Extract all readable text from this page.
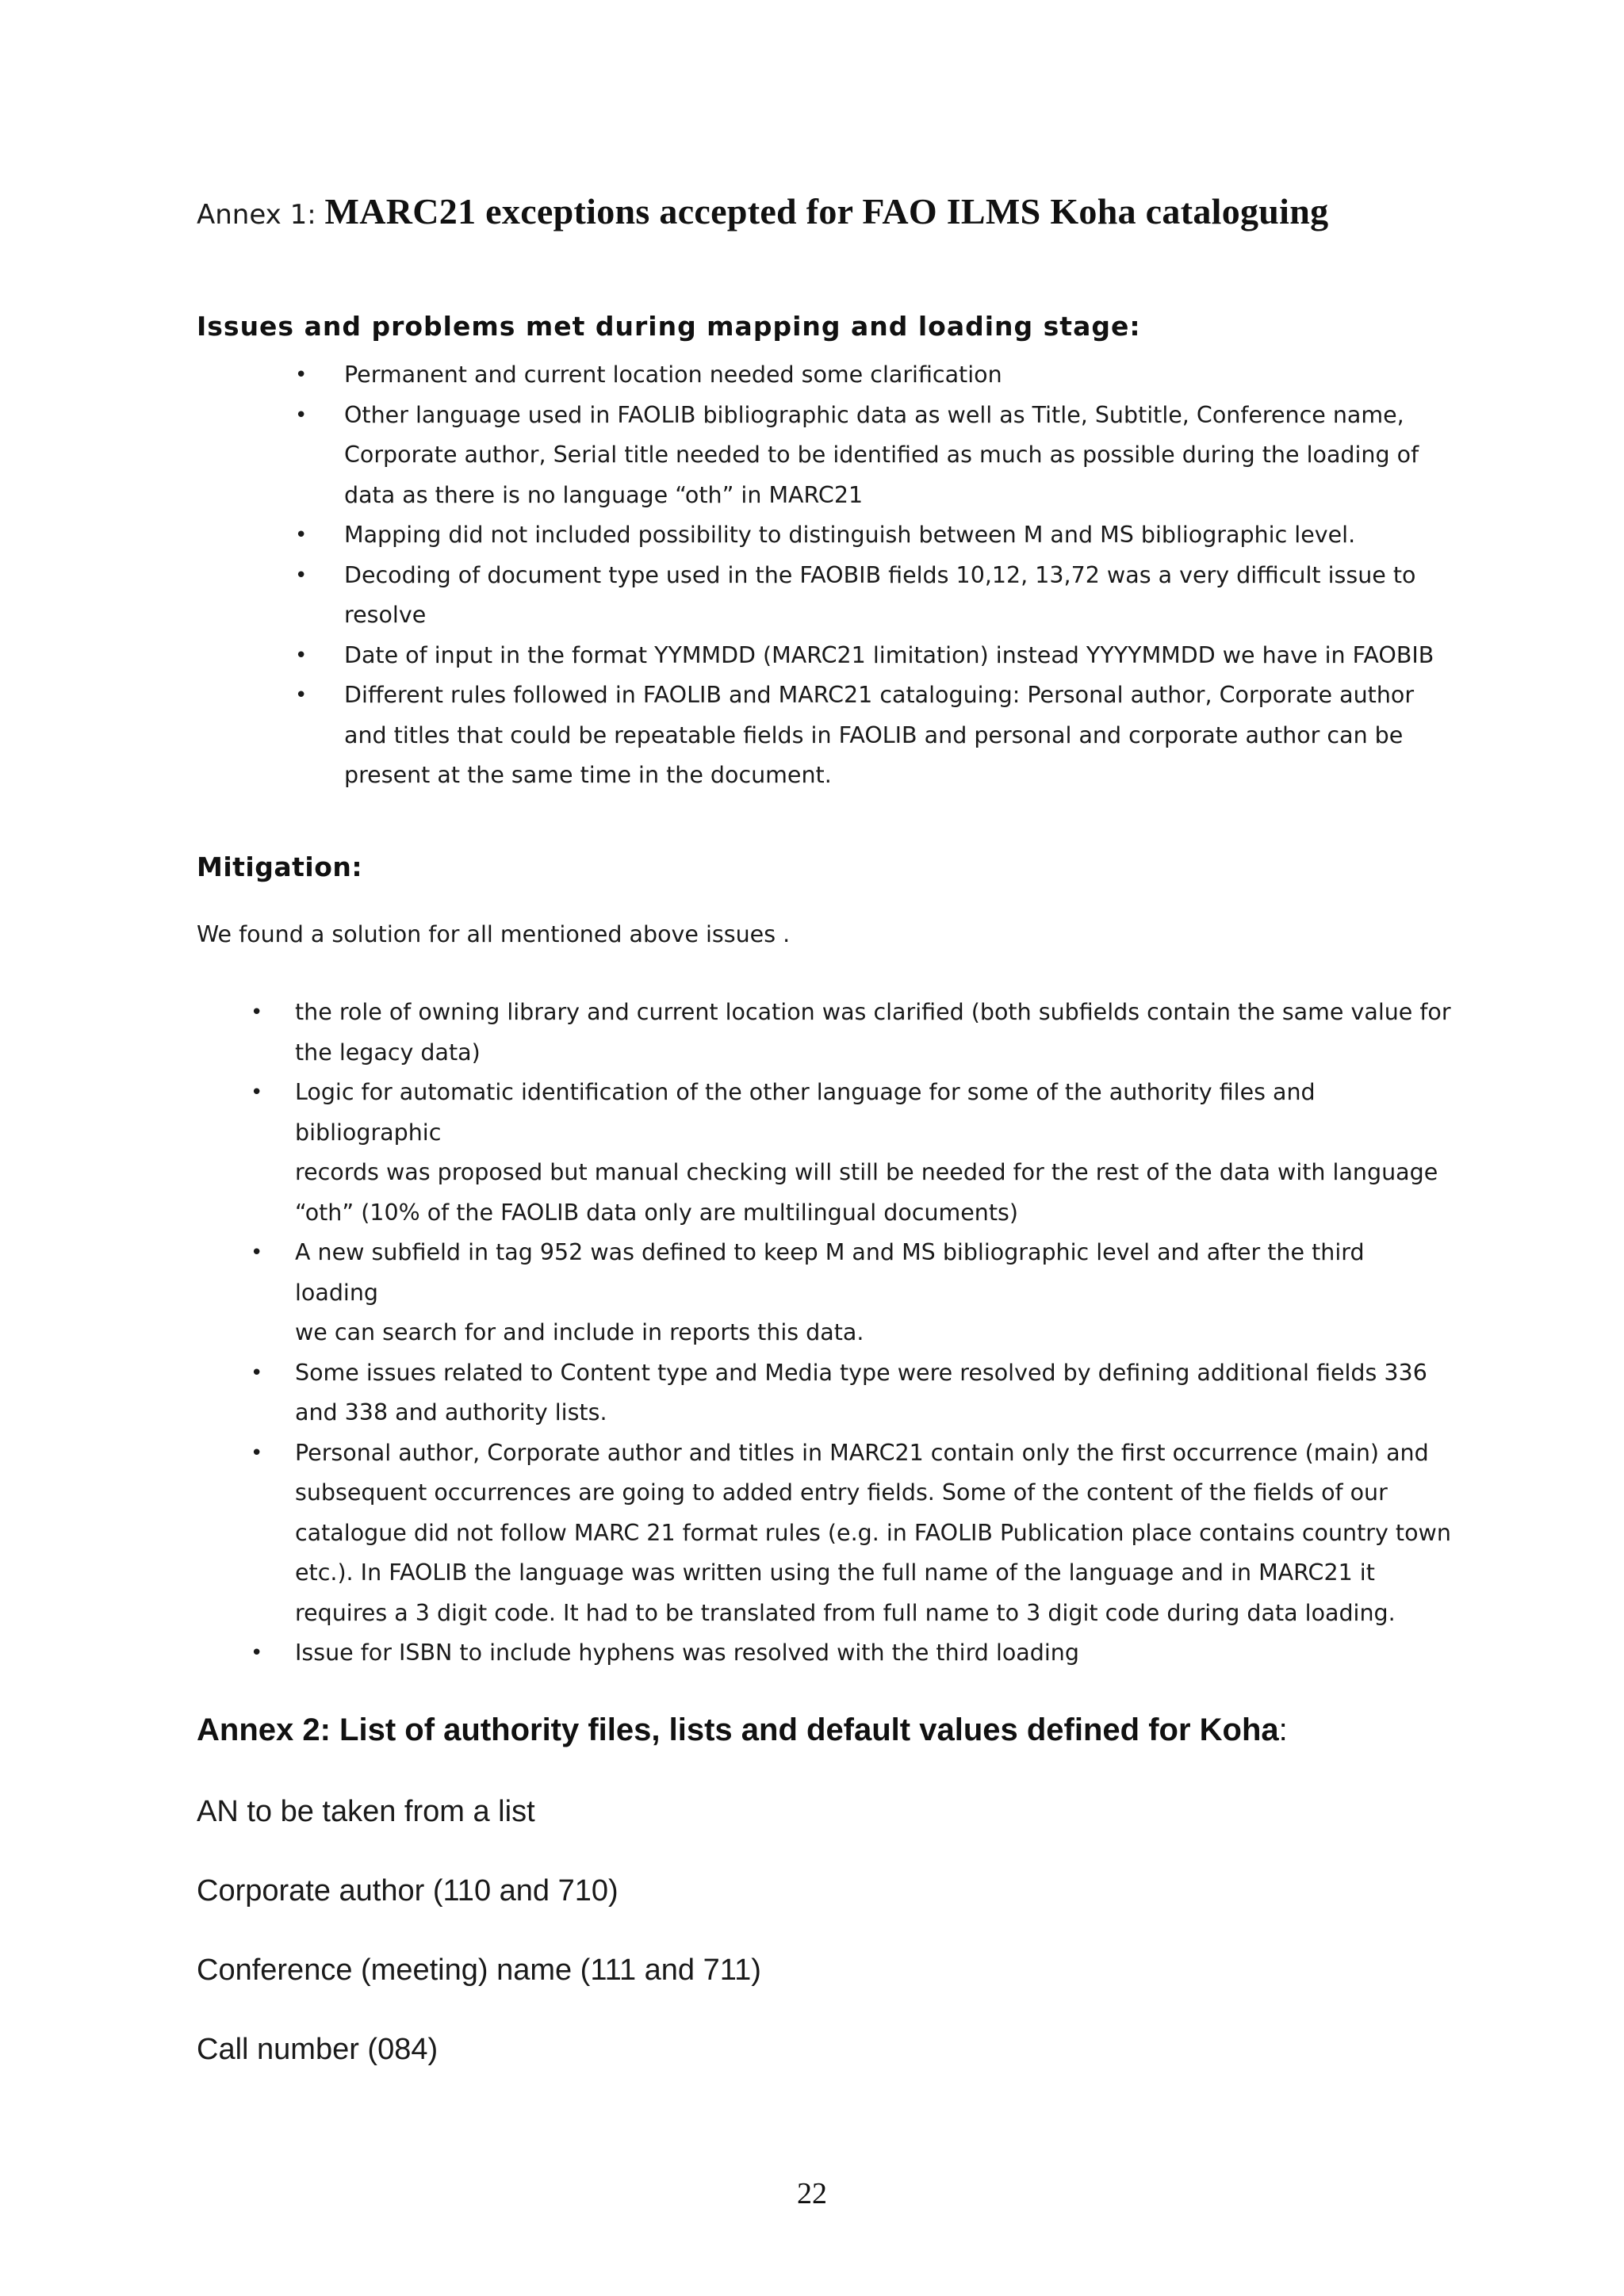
Annex 1: MARC21 exceptions accepted for FAO ILMS Koha cataloguing
Issues and problems met during mapping and loading stage:
• Permanent and current location needed some clarification
• Other language used in FAOLIB bibliographic data as well as Title, Subtitle, Conference name,
Corporate author, Serial title needed to be identified as much as possible during the loading of
data as there is no language “oth” in MARC21
• Mapping did not included possibility to distinguish between M and MS bibliographic level.
• Decoding of document type used in the FAOBIB fields 10,12, 13,72 was a very difficult issue to
resolve
• Date of input in the format YYMMDD (MARC21 limitation) instead YYYYMMDD we have in FAOBIB
• Different rules followed in FAOLIB and MARC21 cataloguing: Personal author, Corporate author
and titles that could be repeatable fields in FAOLIB and personal and corporate author can be
present at the same time in the document.
Mitigation:
We found a solution for all mentioned above issues .
• the role of owning library and current location was clarified (both subfields contain the same value for
the legacy data)
• Logic for automatic identification of the other language for some of the authority files and bibliographic
records was proposed but manual checking will still be needed for the rest of the data with language
“oth” (10% of the FAOLIB data only are multilingual documents)
• A new subfield in tag 952 was defined to keep M and MS bibliographic level and after the third loading
we can search for and include in reports this data.
• Some issues related to Content type and Media type were resolved by defining additional fields 336
and 338 and authority lists.
• Personal author, Corporate author and titles in MARC21 contain only the first occurrence (main) and
subsequent occurrences are going to added entry fields. Some of the content of the fields of our
catalogue did not follow MARC 21 format rules (e.g. in FAOLIB Publication place contains country town
etc.). In FAOLIB the language was written using the full name of the language and in MARC21 it
requires a 3 digit code. It had to be translated from full name to 3 digit code during data loading.
• Issue for ISBN to include hyphens was resolved with the third loading
Annex 2: List of authority files, lists and default values defined for Koha:
AN to be taken from a list
Corporate author (110 and 710)
Conference (meeting) name (111 and 711)
Call number (084)
22
